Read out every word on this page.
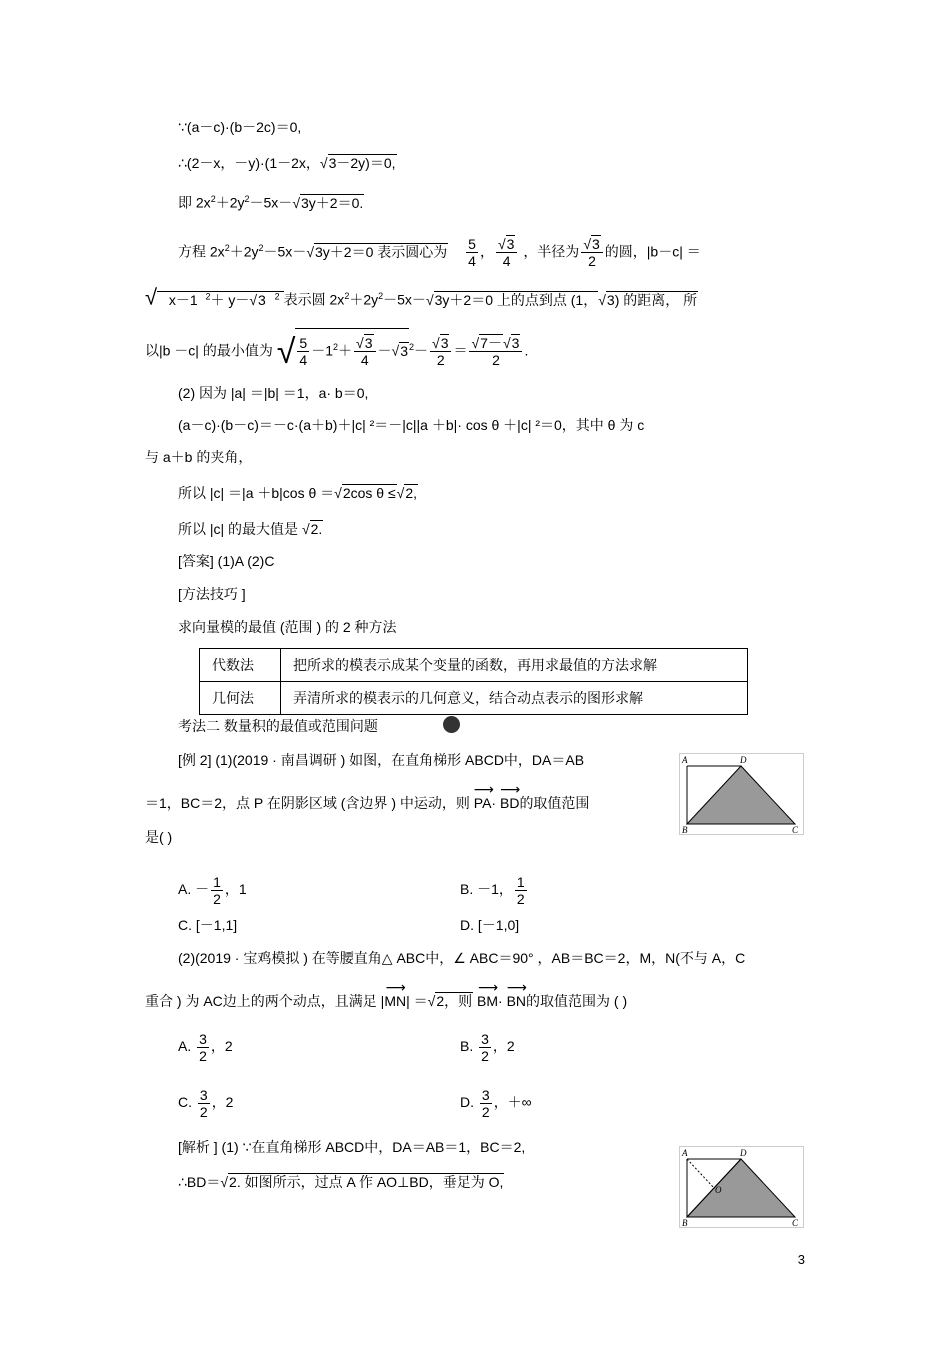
∵(a－c)·(b－2c)＝0,
∴(2－x，－y)·(1－2x，√3－2y)＝0,
即 $2x^2+2y^2-5x-√3y+2=0$.
方程 $2x^2+2y^2-5x-√3y+2=0$ 表示圆心为 $\frac{5}{4}$ ， $\frac{√3}{4}$ ，半径为 $\frac{√3}{2}$ 的圆，|b－c| ＝
√ x－1 $^2$＋ y－√3 $^2$ 表示圆 $2x^2+2y^2-5x-√3y+2=0$ 上的点到点 (1，√3) 的距离， 所
以|b －c| 的最小值为 √ $\frac{5}{4} -1^2+ \frac{√3}{4} -√3^2- \frac{√3}{2} = \frac{√7-√3}{2}$ .
(2) 因为 |a| ＝|b| ＝1，a· b＝0,
(a－c)·(b－c)＝－c·(a＋b)＋|c| ²＝－|c||a ＋b|· cos θ ＋|c| ²＝0，其中 θ 为 c
与 a＋b 的夹角，
所以 |c| ＝|a ＋b|cos θ ＝√2cos θ ≤√2,
所以 |c| 的最大值是 √2.
[答案] (1)A (2)C
[方法技巧 ]
求向量模的最值 (范围 ) 的 2 种方法
代数法	把所求的模表示成某个变量的函数，再用求最值的方法求解
几何法	弄清所求的模表示的几何意义，结合动点表示的图形求解
考法二 数量积的最值或范围问题
[例 2] (1)(2019 · 南昌调研 ) 如图，在直角梯形 ABCD中，DA＝AB
＝1，BC＝2，点 P 在阴影区域 (含边界 ) 中运动，则 ⟶ PA· ⟶ BD的取值范围
是( )
A	D
B	C
A. － $\frac{1}{2}$ ，1	B. －1， $\frac{1}{2}$
C. [－1,1]	D. [－1,0]
(2)(2019 · 宝鸡模拟 ) 在等腰直角△ ABC中，∠ ABC＝90° ，AB＝BC＝2，M，N(不与 A，C
重合 ) 为 AC边上的两个动点，且满足 |⟶ MN| ＝√2，则 ⟶ BM· ⟶ BN的取值范围为 ( )
A. $\frac{3}{2}$ ，2	B. $\frac{3}{2}$ ，2
C. $\frac{3}{2}$ ，2	D. $\frac{3}{2}$ ，＋∞
[解析 ] (1) ∵在直角梯形 ABCD中，DA＝AB＝1，BC＝2,
∴BD＝√2. 如图所示，过点 A 作 AO⊥BD，垂足为 O,
A	D
B	C
O
3
